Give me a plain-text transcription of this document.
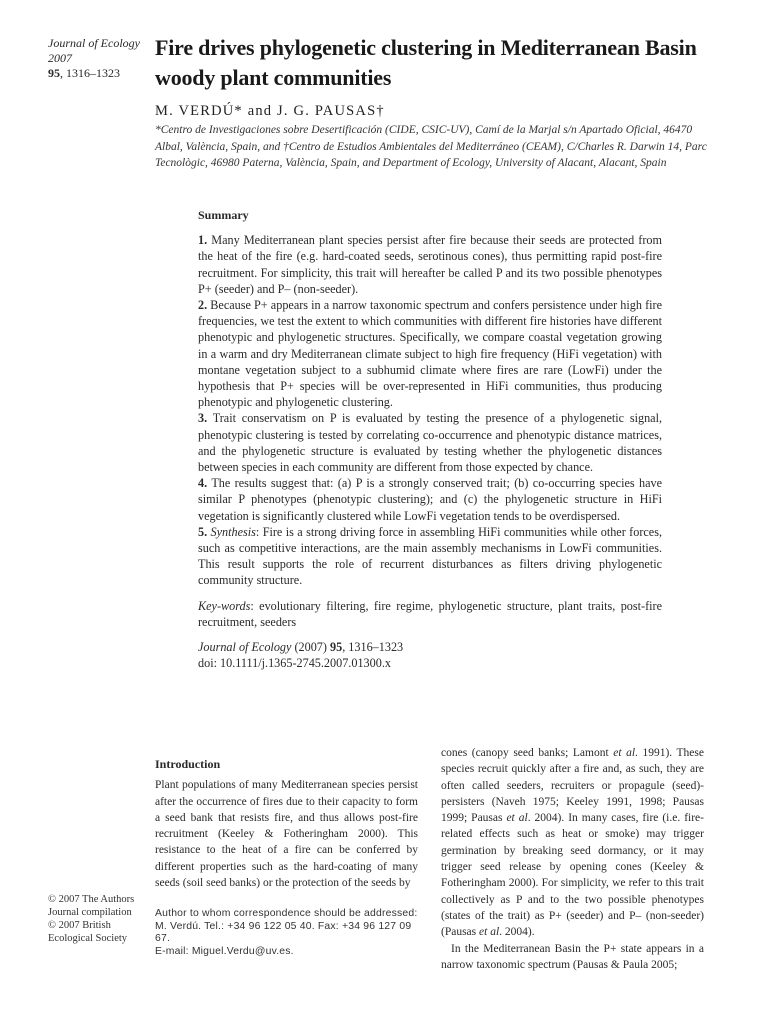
Journal of Ecology
2007
95, 1316–1323
Fire drives phylogenetic clustering in Mediterranean Basin woody plant communities
M. VERDÚ* and J. G. PAUSAS†
*Centro de Investigaciones sobre Desertificación (CIDE, CSIC-UV), Camí de la Marjal s/n Apartado Oficial, 46470 Albal, València, Spain, and †Centro de Estudios Ambientales del Mediterráneo (CEAM), C/Charles R. Darwin 14, Parc Tecnològic, 46980 Paterna, València, Spain, and Department of Ecology, University of Alacant, Alacant, Spain
Summary

1. Many Mediterranean plant species persist after fire because their seeds are protected from the heat of the fire (e.g. hard-coated seeds, serotinous cones), thus permitting rapid post-fire recruitment. For simplicity, this trait will hereafter be called P and its two possible phenotypes P+ (seeder) and P– (non-seeder).

2. Because P+ appears in a narrow taxonomic spectrum and confers persistence under high fire frequencies, we test the extent to which communities with different fire histories have different phenotypic and phylogenetic structures. Specifically, we compare coastal vegetation growing in a warm and dry Mediterranean climate subject to high fire frequency (HiFi vegetation) with montane vegetation subject to a subhumid climate where fires are rare (LowFi) under the hypothesis that P+ species will be over-represented in HiFi communities, thus producing phenotypic and phylogenetic clustering.

3. Trait conservatism on P is evaluated by testing the presence of a phylogenetic signal, phenotypic clustering is tested by correlating co-occurrence and phenotypic distance matrices, and the phylogenetic structure is evaluated by testing whether the phylogenetic distances between species in each community are different from those expected by chance.

4. The results suggest that: (a) P is a strongly conserved trait; (b) co-occurring species have similar P phenotypes (phenotypic clustering); and (c) the phylogenetic structure in HiFi vegetation is significantly clustered while LowFi vegetation tends to be overdispersed.

5. Synthesis: Fire is a strong driving force in assembling HiFi communities while other forces, such as competitive interactions, are the main assembly mechanisms in LowFi communities. This result supports the role of recurrent disturbances as filters driving phylogenetic community structure.

Key-words: evolutionary filtering, fire regime, phylogenetic structure, plant traits, post-fire recruitment, seeders

Journal of Ecology (2007) 95, 1316–1323
doi: 10.1111/j.1365-2745.2007.01300.x

Introduction

Plant populations of many Mediterranean species persist after the occurrence of fires due to their capacity to form a seed bank that resists fire, and thus allows post-fire recruitment (Keeley & Fotheringham 2000). This resistance to the heat of a fire can be conferred by different properties such as the hard-coating of many seeds (soil seed banks) or the protection of the seeds by

Author to whom correspondence should be addressed:
M. Verdú. Tel.: +34 96 122 05 40. Fax: +34 96 127 09 67.
E-mail: Miguel.Verdu@uv.es.

cones (canopy seed banks; Lamont et al. 1991). These species recruit quickly after a fire and, as such, they are often called seeders, recruiters or propagule (seed)-persisters (Naveh 1975; Keeley 1991, 1998; Pausas 1999; Pausas et al. 2004). In many cases, fire (i.e. fire-related effects such as heat or smoke) may trigger germination by breaking seed dormancy, or it may trigger seed release by opening cones (Keeley & Fotheringham 2000). For simplicity, we refer to this trait collectively as P and to the two possible phenotypes (states of the trait) as P+ (seeder) and P– (non-seeder) (Pausas et al. 2004).

In the Mediterranean Basin the P+ state appears in a narrow taxonomic spectrum (Pausas & Paula 2005;

© 2007 The Authors
Journal compilation
© 2007 British
Ecological Society
